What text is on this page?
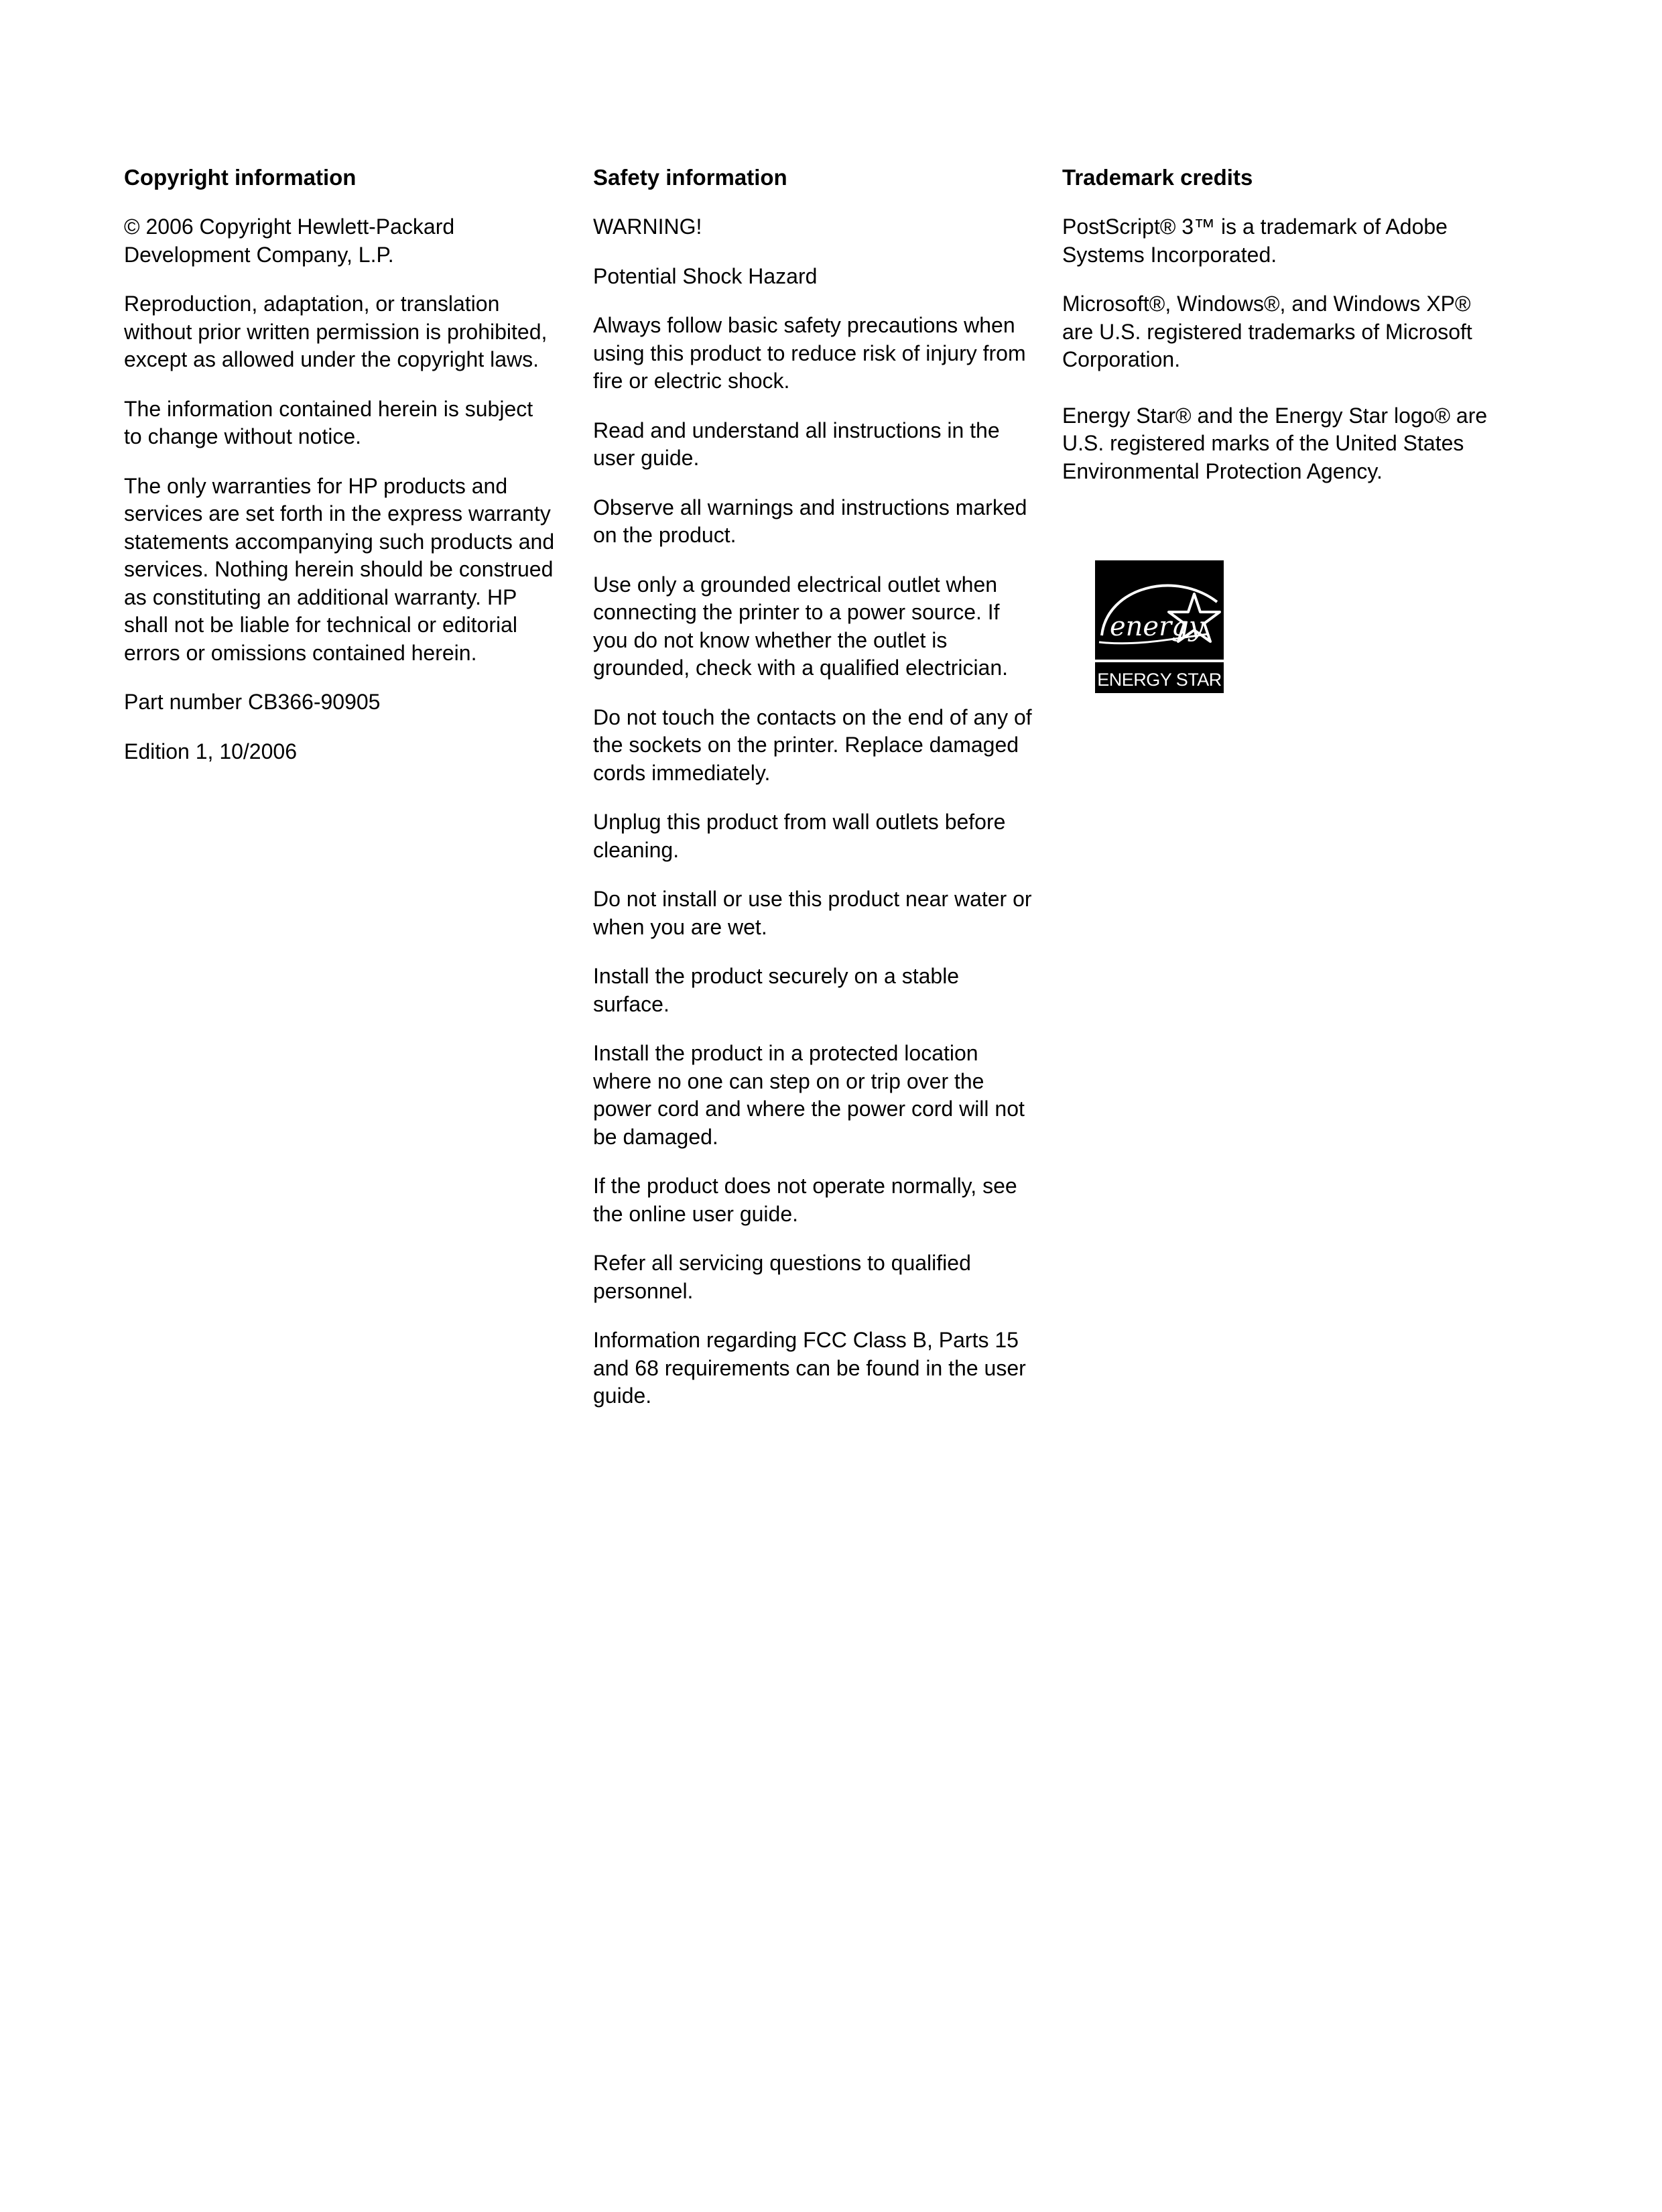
Copyright information

© 2006 Copyright Hewlett-Packard Development Company, L.P.

Reproduction, adaptation, or translation without prior written permission is prohibited, except as allowed under the copyright laws.

The information contained herein is subject to change without notice.

The only warranties for HP products and services are set forth in the express warranty statements accompanying such products and services. Nothing herein should be construed as constituting an additional warranty. HP shall not be liable for technical or editorial errors or omissions contained herein.

Part number CB366-90905

Edition 1, 10/2006

Safety information

WARNING!

Potential Shock Hazard

Always follow basic safety precautions when using this product to reduce risk of injury from fire or electric shock.

Read and understand all instructions in the user guide.

Observe all warnings and instructions marked on the product.

Use only a grounded electrical outlet when connecting the printer to a power source. If you do not know whether the outlet is grounded, check with a qualified electrician.

Do not touch the contacts on the end of any of the sockets on the printer. Replace damaged cords immediately.

Unplug this product from wall outlets before cleaning.

Do not install or use this product near water or when you are wet.

Install the product securely on a stable surface.

Install the product in a protected location where no one can step on or trip over the power cord and where the power cord will not be damaged.

If the product does not operate normally, see the online user guide.

Refer all servicing questions to qualified personnel.

Information regarding FCC Class B, Parts 15 and 68 requirements can be found in the user guide.

Trademark credits

PostScript® 3™ is a trademark of Adobe Systems Incorporated.

Microsoft®, Windows®, and Windows XP® are U.S. registered trademarks of Microsoft Corporation.

Energy Star® and the Energy Star logo® are U.S. registered marks of the United States Environmental Protection Agency.

energy
ENERGY STAR
